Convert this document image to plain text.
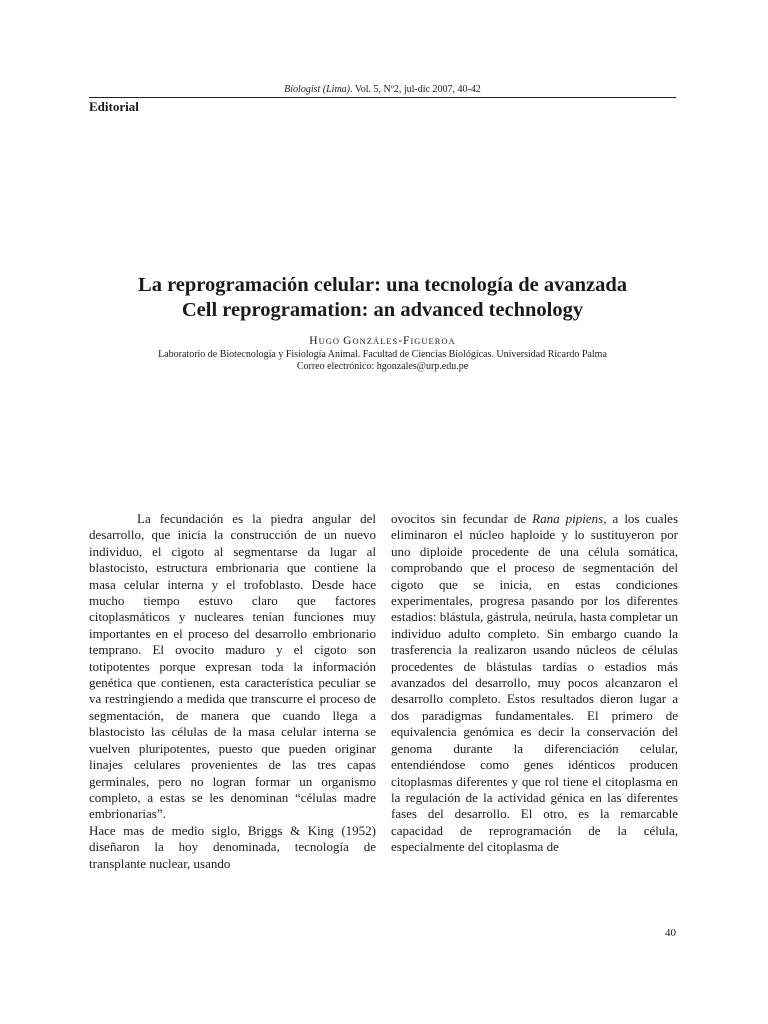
Biologist (Lima). Vol. 5, Nº2, jul-dic 2007, 40-42
Editorial
La reprogramación celular: una tecnología de avanzada
Cell reprogramation: an advanced technology
HUGO GONZÁLES-FIGUEROA
Laboratorio de Biotecnología y Fisiología Animal. Facultad de Ciencias Biológicas. Universidad Ricardo Palma
Correo electrónico: hgonzales@urp.edu.pe

La fecundación es la piedra angular del desarrollo, que inicia la construcción de un nuevo individuo, el cigoto al segmentarse da lugar al blastocisto, estructura embrionaria que contiene la masa celular interna y el trofoblasto. Desde hace mucho tiempo estuvo claro que factores citoplasmáticos y nucleares tenían funciones muy importantes en el proceso del desarrollo embrionario temprano. El ovocito maduro y el cigoto son totipotentes porque expresan toda la información genética que contienen, esta característica peculiar se va restringiendo a medida que transcurre el proceso de segmentación, de manera que cuando llega a blastocisto las células de la masa celular interna se vuelven pluripotentes, puesto que pueden originar linajes celulares provenientes de las tres capas germinales, pero no logran formar un organismo completo, a estas se les denominan “células madre embrionarias”.

Hace mas de medio siglo, Briggs & King (1952) diseñaron la hoy denominada, tecnología de transplante nuclear, usando

ovocitos sin fecundar de Rana pipiens, a los cuales eliminaron el núcleo haploide y lo sustituyeron por uno diploide procedente de una célula somática, comprobando que el proceso de segmentación del cigoto que se inicia, en estas condiciones experimentales, progresa pasando por los diferentes estadios: blástula, gástrula, neúrula, hasta completar un individuo adulto completo. Sin embargo cuando la trasferencia la realizaron usando núcleos de células procedentes de blástulas tardías o estadios más avanzados del desarrollo, muy pocos alcanzaron el desarrollo completo. Estos resultados dieron lugar a dos paradigmas fundamentales. El primero de equivalencia genómica es decir la conservación del genoma durante la diferenciación celular, entendiéndose como genes idénticos producen citoplasmas diferentes y que rol tiene el citoplasma en la regulación de la actividad génica en las diferentes fases del desarrollo. El otro, es la remarcable capacidad de reprogramación de la célula, especialmente del citoplasma de

40
